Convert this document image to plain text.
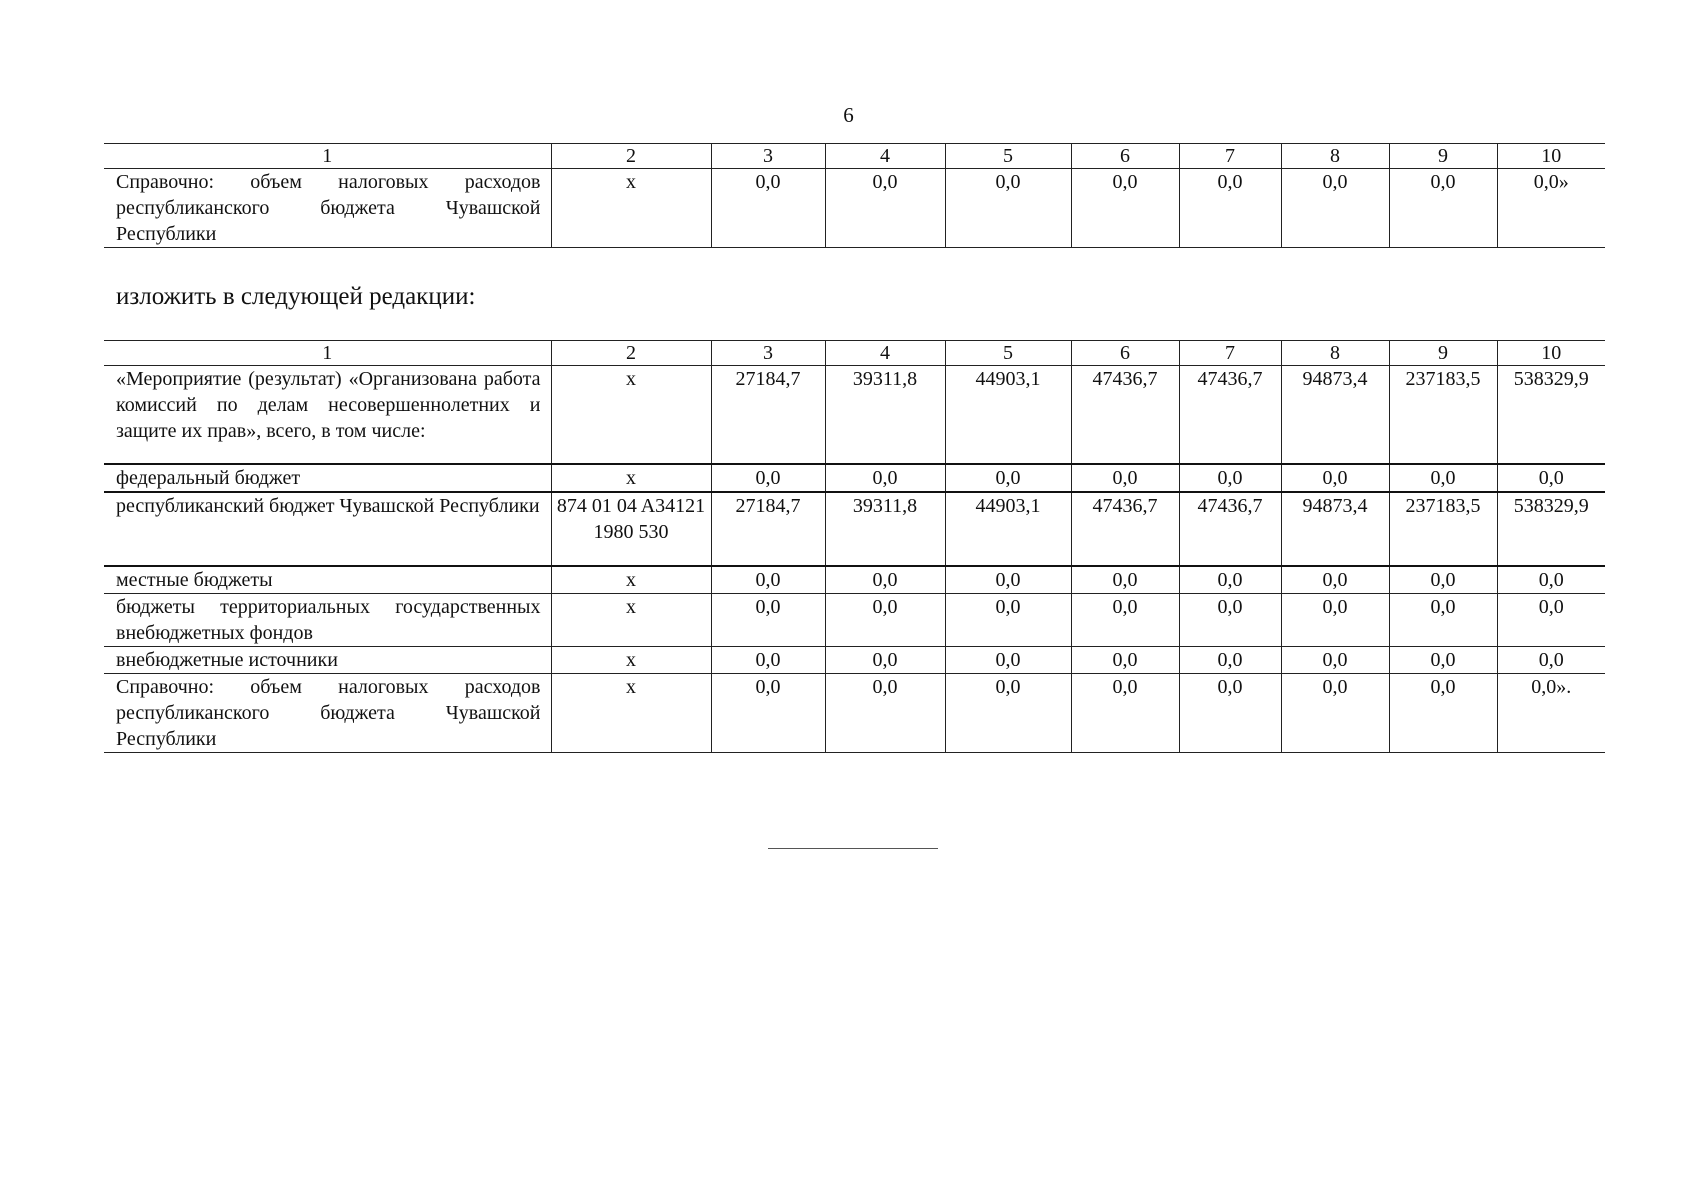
6
1	2	3	4	5	6	7	8	9	10
Справочно: объем налоговых расходов республиканского бюджета Чувашской Республики	x	0,0	0,0	0,0	0,0	0,0	0,0	0,0	0,0»
изложить в следующей редакции:
1	2	3	4	5	6	7	8	9	10
«Мероприятие (результат) «Организована работа комиссий по делам несовершеннолетних и защите их прав», всего, в том числе:	x	27184,7	39311,8	44903,1	47436,7	47436,7	94873,4	237183,5	538329,9
федеральный бюджет	x	0,0	0,0	0,0	0,0	0,0	0,0	0,0	0,0
республиканский бюджет Чувашской Республики	874 01 04 A341211980 530	27184,7	39311,8	44903,1	47436,7	47436,7	94873,4	237183,5	538329,9
местные бюджеты	x	0,0	0,0	0,0	0,0	0,0	0,0	0,0	0,0
бюджеты территориальных государственных внебюджетных фондов	x	0,0	0,0	0,0	0,0	0,0	0,0	0,0	0,0
внебюджетные источники	x	0,0	0,0	0,0	0,0	0,0	0,0	0,0	0,0
Справочно: объем налоговых расходов республиканского бюджета Чувашской Республики	x	0,0	0,0	0,0	0,0	0,0	0,0	0,0	0,0».
